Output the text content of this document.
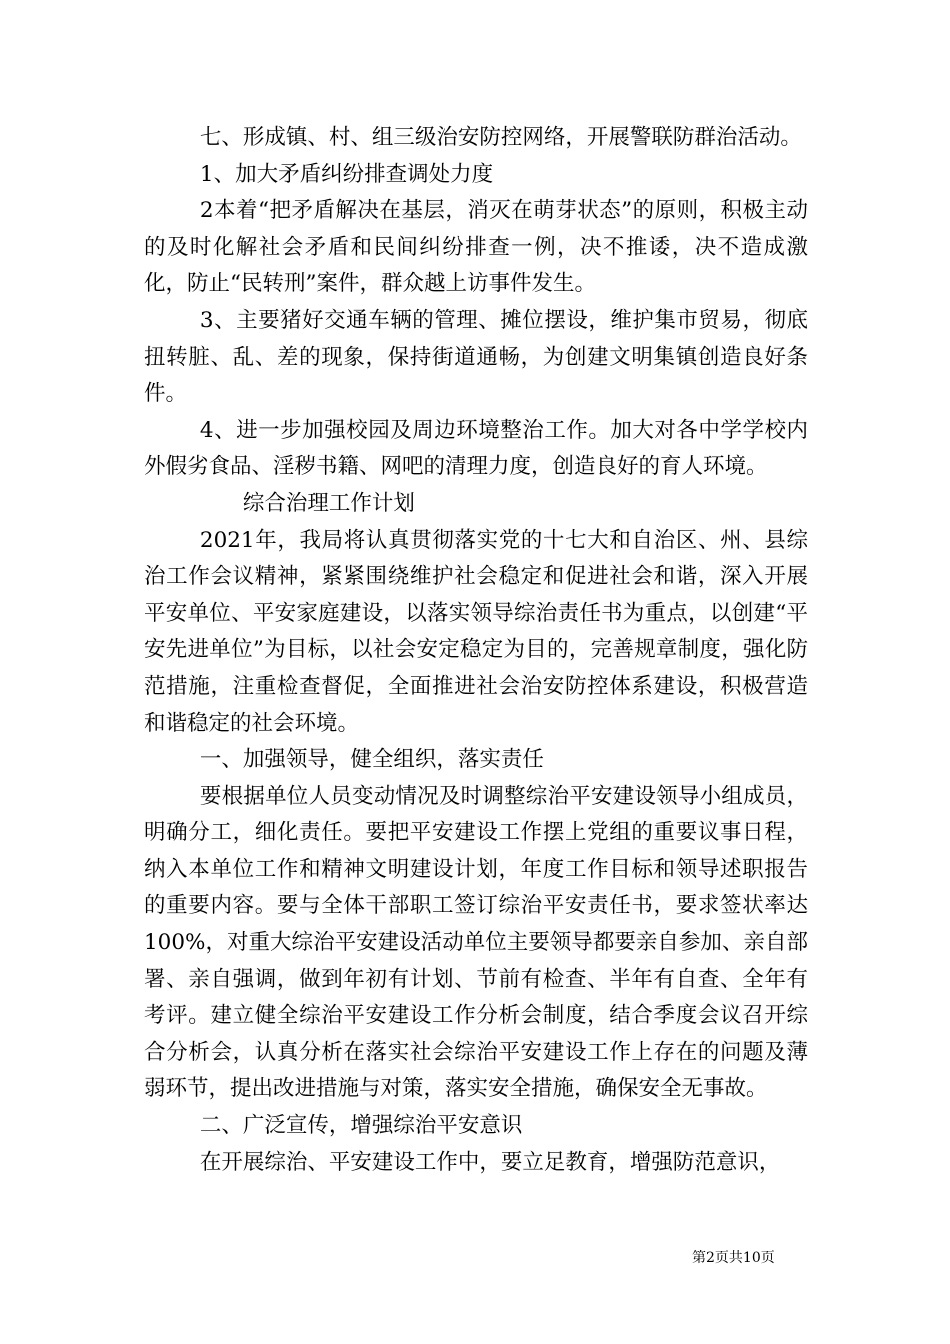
七、形成镇、村、组三级治安防控网络，开展警联防群治活动。

1、加大矛盾纠纷排查调处力度

2本着“把矛盾解决在基层，消灭在萌芽状态”的原则，积极主动的及时化解社会矛盾和民间纠纷排查一例，决不推诿，决不造成激化，防止“民转刑”案件，群众越上访事件发生。

3、主要猪好交通车辆的管理、摊位摆设，维护集市贸易，彻底扭转脏、乱、差的现象，保持街道通畅，为创建文明集镇创造良好条件。

4、进一步加强校园及周边环境整治工作。加大对各中学学校内外假劣食品、淫秽书籍、网吧的清理力度，创造良好的育人环境。

综合治理工作计划

2021年，我局将认真贯彻落实党的十七大和自治区、州、县综治工作会议精神，紧紧围绕维护社会稳定和促进社会和谐，深入开展平安单位、平安家庭建设，以落实领导综治责任书为重点，以创建“平安先进单位”为目标，以社会安定稳定为目的，完善规章制度，强化防范措施，注重检查督促，全面推进社会治安防控体系建设，积极营造和谐稳定的社会环境。

一、加强领导，健全组织，落实责任

要根据单位人员变动情况及时调整综治平安建设领导小组成员，明确分工，细化责任。要把平安建设工作摆上党组的重要议事日程，纳入本单位工作和精神文明建设计划，年度工作目标和领导述职报告的重要内容。要与全体干部职工签订综治平安责任书，要求签状率达100%，对重大综治平安建设活动单位主要领导都要亲自参加、亲自部署、亲自强调，做到年初有计划、节前有检查、半年有自查、全年有考评。建立健全综治平安建设工作分析会制度，结合季度会议召开综合分析会，认真分析在落实社会综治平安建设工作上存在的问题及薄弱环节，提出改进措施与对策，落实安全措施，确保安全无事故。

二、广泛宣传，增强综治平安意识

在开展综治、平安建设工作中，要立足教育，增强防范意识，

第2页共10页
